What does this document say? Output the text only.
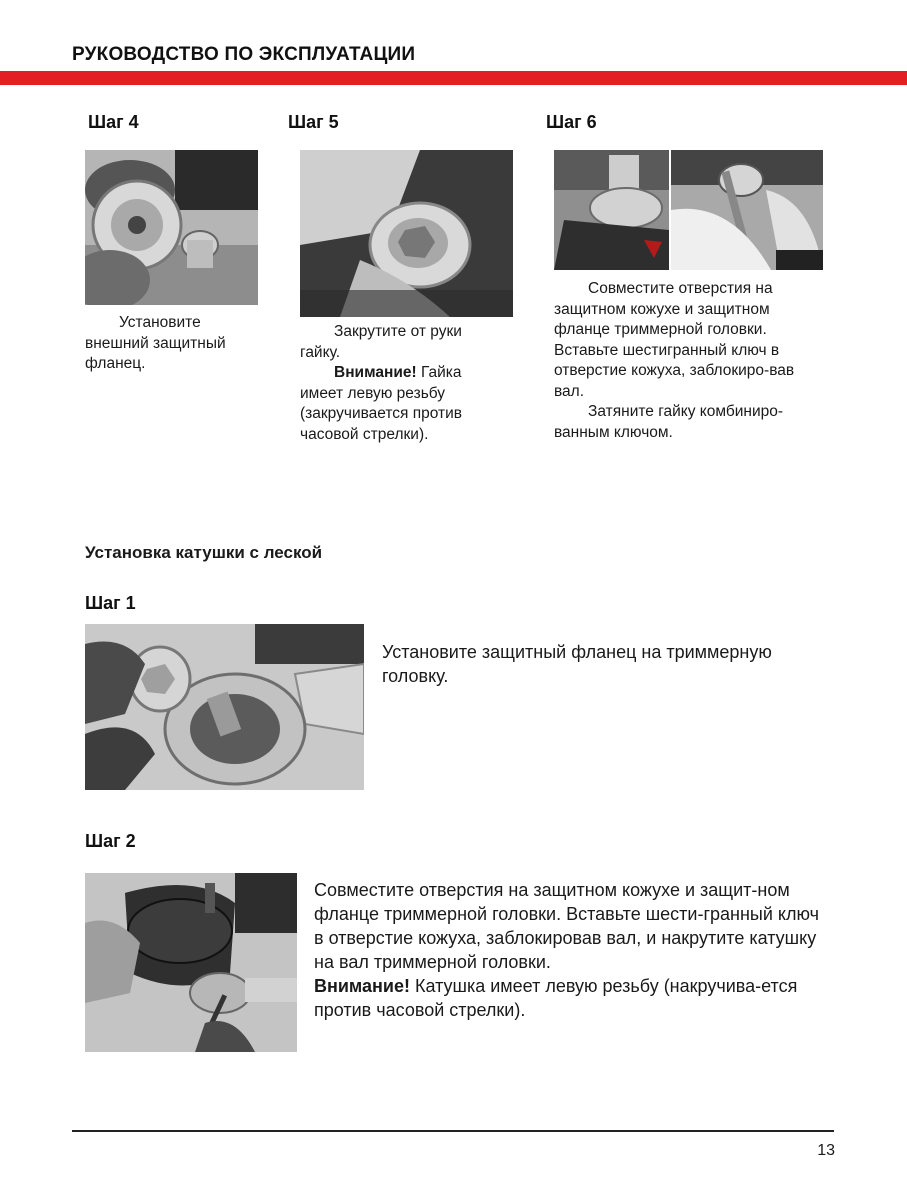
РУКОВОДСТВО ПО ЭКСПЛУАТАЦИИ
Шаг 4

Установите внешний защитный фланец.

Шаг 5

Закрутите от руки гайку.

Внимание! Гайка имеет левую резьбу (закручивается против часовой стрелки).

Шаг 6

Совместите отверстия на защитном кожухе и защитном фланце триммерной головки. Вставьте шестигранный ключ в отверстие кожуха, заблокиро-вав вал.

Затяните гайку комбиниро-ванным ключом.

Установка катушки с леской
Шаг 1

Установите защитный фланец на триммерную головку.

Шаг 2

Совместите отверстия на защитном кожухе и защит-ном фланце триммерной головки. Вставьте шести-гранный ключ в отверстие кожуха, заблокировав вал, и накрутите катушку на вал триммерной головки.

Внимание! Катушка имеет левую резьбу (накручива-ется против часовой стрелки).

13
